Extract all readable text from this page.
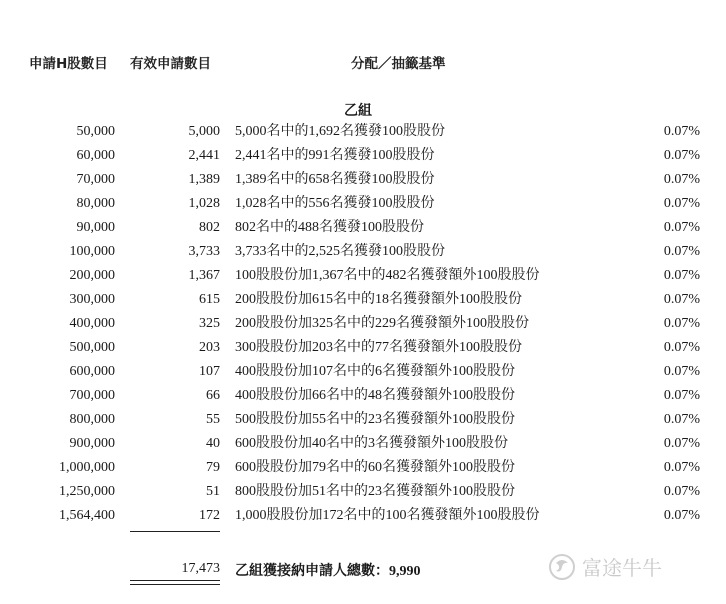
申請H股數目 有效申請數目	分配／抽籤基準
乙組
50,000	5,000 5,000名中的1,692名獲發100股股份	0.07%
60,000	2,441 2,441名中的991名獲發100股股份	0.07%
70,000	1,389 1,389名中的658名獲發100股股份	0.07%
80,000	1,028 1,028名中的556名獲發100股股份	0.07%
90,000	802 802名中的488名獲發100股股份	0.07%
100,000	3,733 3,733名中的2,525名獲發100股股份	0.07%
200,000	1,367 100股股份加1,367名中的482名獲發額外100股股份	0.07%
300,000	615 200股股份加615名中的18名獲發額外100股股份	0.07%
400,000	325 200股股份加325名中的229名獲發額外100股股份	0.07%
500,000	203 300股股份加203名中的77名獲發額外100股股份	0.07%
600,000	107 400股股份加107名中的6名獲發額外100股股份	0.07%
700,000	66 400股股份加66名中的48名獲發額外100股股份	0.07%
800,000	55 500股股份加55名中的23名獲發額外100股股份	0.07%
900,000	40 600股股份加40名中的3名獲發額外100股股份	0.07%
1,000,000	79 600股股份加79名中的60名獲發額外100股股份	0.07%
1,250,000	51 800股股份加51名中的23名獲發額外100股股份	0.07%
1,564,400	172 1,000股股份加172名中的100名獲發額外100股股份	0.07%
17,473 乙組獲接納申請人總數：9,990	富途牛牛
